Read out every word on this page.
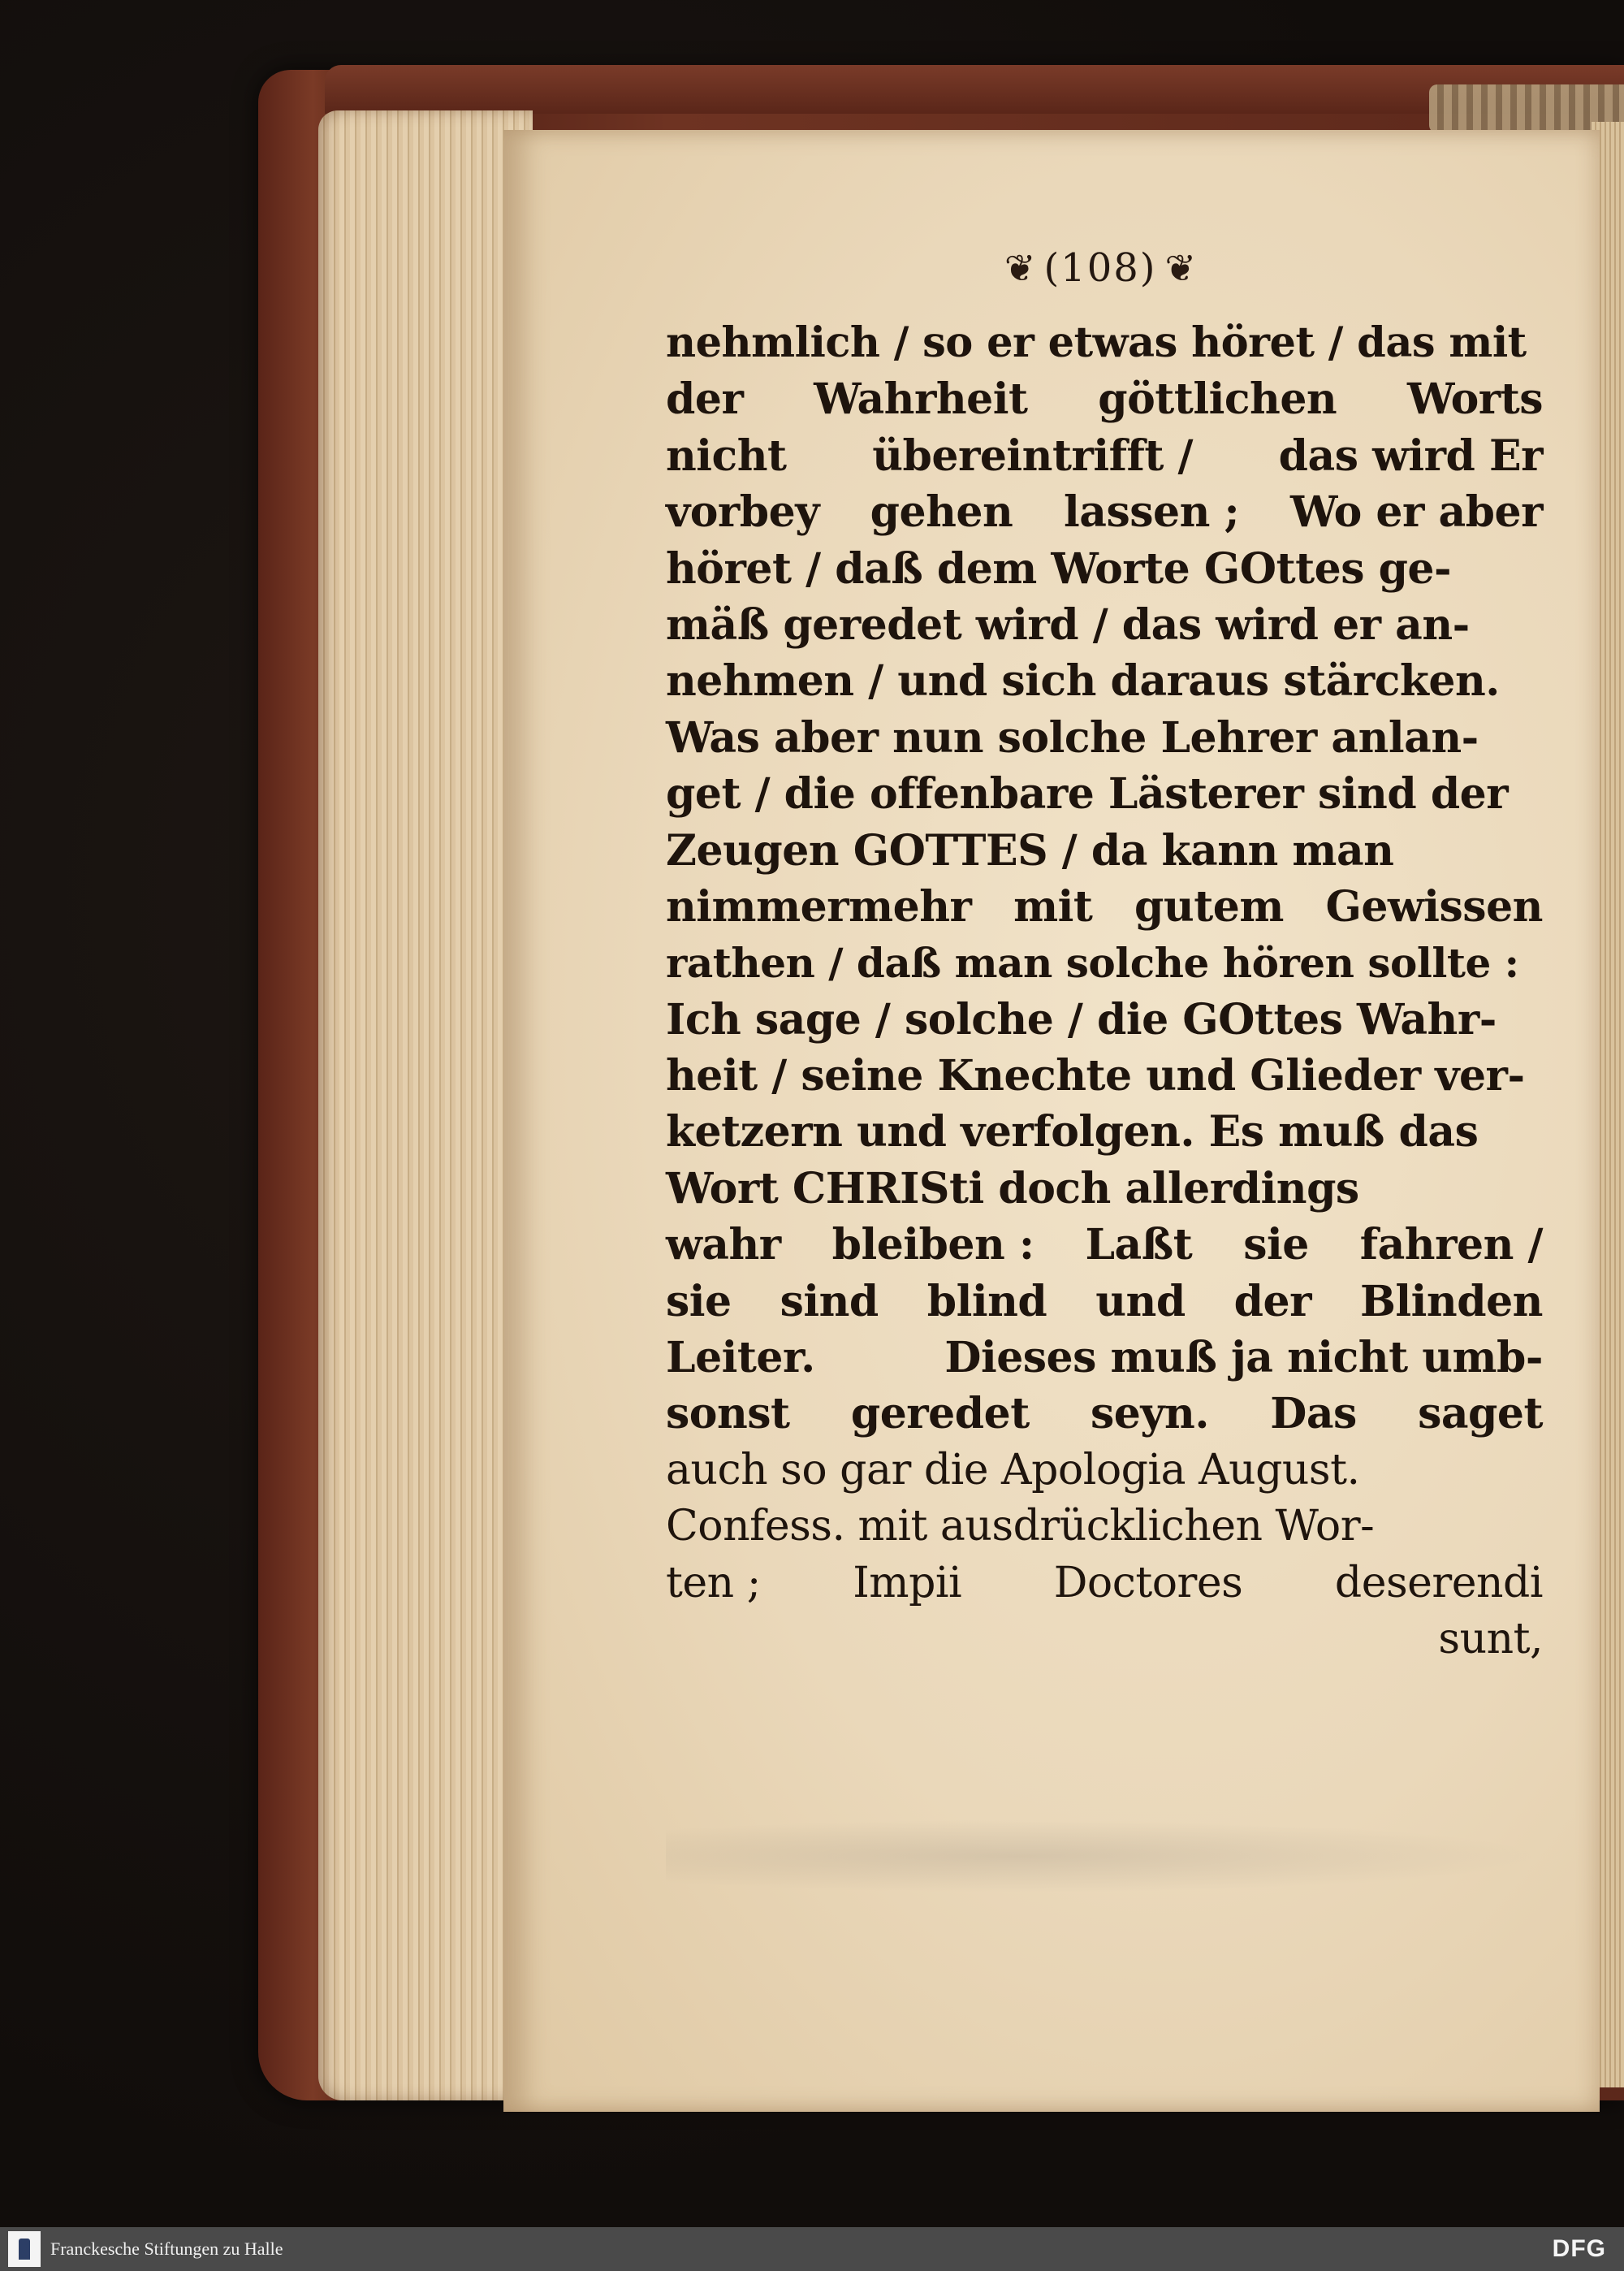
❦ (108) ❦
nehmlich / so er etwas höret / das mit
der Wahrheit göttlichen Worts
nicht übereintrifft / das wird Er
vorbey gehen lassen ; Wo er aber
höret / daß dem Worte GOttes ge-
mäß geredet wird / das wird er an-
nehmen / und sich daraus stärcken.
Was aber nun solche Lehrer anlan-
get / die offenbare Lästerer sind der
Zeugen GOTTES / da kann man
nimmermehr mit gutem Gewissen
rathen / daß man solche hören sollte :
Ich sage / solche / die GOttes Wahr-
heit / seine Knechte und Glieder ver-
ketzern und verfolgen. Es muß das
Wort CHRISti doch allerdings
wahr bleiben : Laßt sie fahren /
sie sind blind und der Blinden
Leiter.	Dieses muß ja nicht umb-
sonst geredet seyn. Das saget
auch so gar die Apologia August.
Confess. mit ausdrücklichen Wor-
ten ; Impii Doctores deserendi
sunt,
Franckesche Stiftungen zu Halle	DFG
